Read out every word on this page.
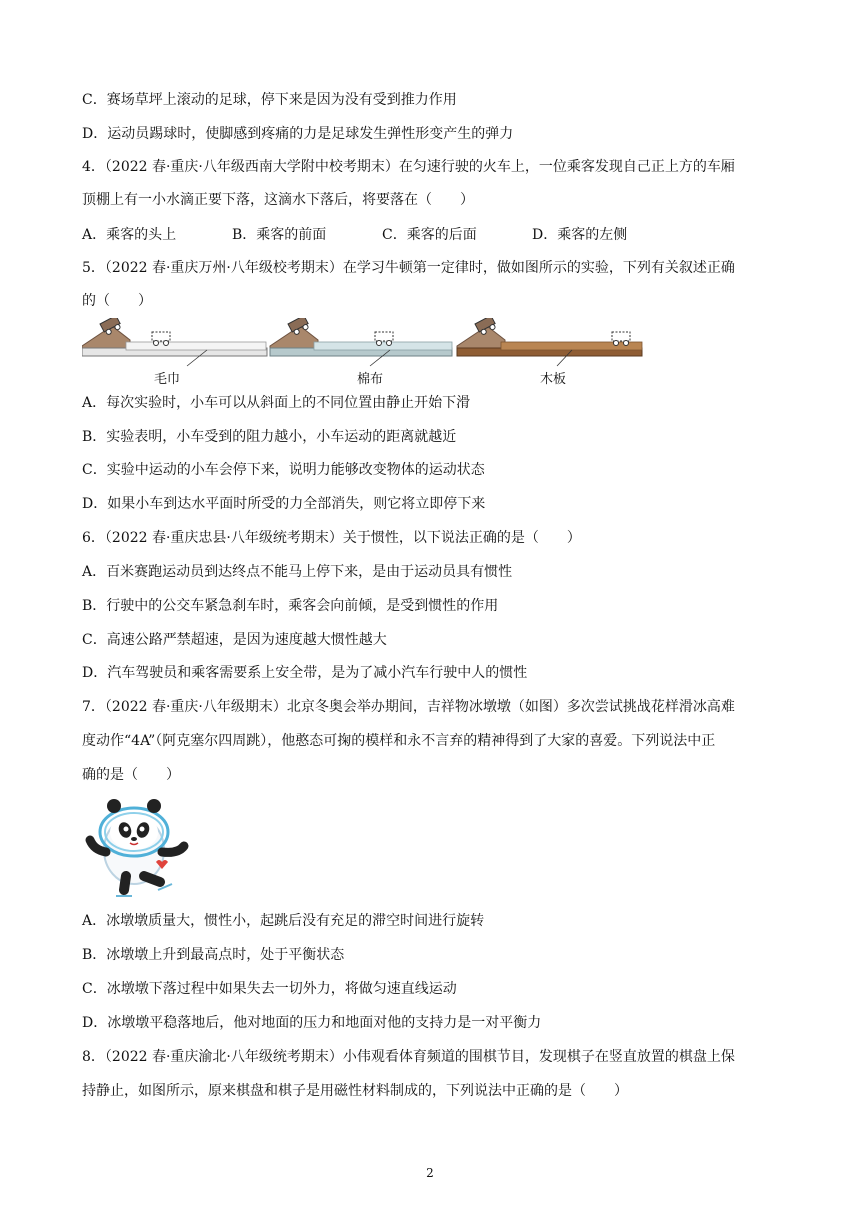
C．赛场草坪上滚动的足球，停下来是因为没有受到推力作用
D．运动员踢球时，使脚感到疼痛的力是足球发生弹性形变产生的弹力
4．（2022 春·重庆·八年级西南大学附中校考期末）在匀速行驶的火车上，一位乘客发现自己正上方的车厢
顶棚上有一小水滴正要下落，这滴水下落后，将要落在（　　）
A．乘客的头上	B．乘客的前面	C．乘客的后面	D．乘客的左侧
5．（2022 春·重庆万州·八年级校考期末）在学习牛顿第一定律时，做如图所示的实验，下列有关叙述正确
的（　　）
毛巾	棉布	木板
A．每次实验时，小车可以从斜面上的不同位置由静止开始下滑
B．实验表明，小车受到的阻力越小，小车运动的距离就越近
C．实验中运动的小车会停下来，说明力能够改变物体的运动状态
D．如果小车到达水平面时所受的力全部消失，则它将立即停下来
6．（2022 春·重庆忠县·八年级统考期末）关于惯性，以下说法正确的是（　　）
A．百米赛跑运动员到达终点不能马上停下来，是由于运动员具有惯性
B．行驶中的公交车紧急刹车时，乘客会向前倾，是受到惯性的作用
C．高速公路严禁超速，是因为速度越大惯性越大
D．汽车驾驶员和乘客需要系上安全带，是为了减小汽车行驶中人的惯性
7．（2022 春·重庆·八年级期末）北京冬奥会举办期间，吉祥物冰墩墩（如图）多次尝试挑战花样滑冰高难
度动作“4A”（阿克塞尔四周跳），他憨态可掬的模样和永不言弃的精神得到了大家的喜爱。下列说法中正
确的是（　　）
A．冰墩墩质量大，惯性小，起跳后没有充足的滞空时间进行旋转
B．冰墩墩上升到最高点时，处于平衡状态
C．冰墩墩下落过程中如果失去一切外力，将做匀速直线运动
D．冰墩墩平稳落地后，他对地面的压力和地面对他的支持力是一对平衡力
8．（2022 春·重庆渝北·八年级统考期末）小伟观看体育频道的围棋节目，发现棋子在竖直放置的棋盘上保
持静止，如图所示，原来棋盘和棋子是用磁性材料制成的，下列说法中正确的是（　　）
2
